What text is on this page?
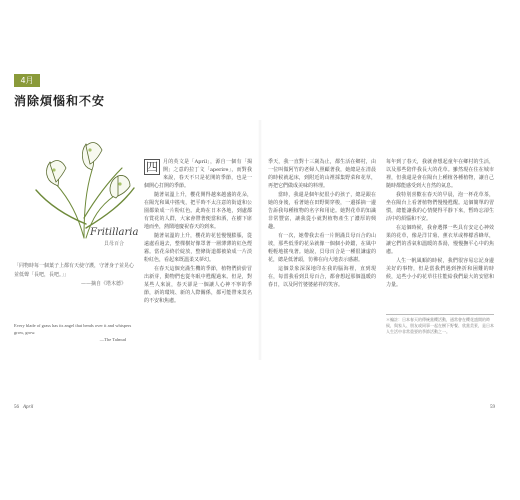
4月
消除煩惱和不安
Fritillaria
貝母百合
「同物時每一個葉子上都有天使守護，守著身子並晃心並低聲「長吧，長吧。」」
——摘自《塔木德》
Every blade of grass has its angel that bends over it and whispers grow, grow.
—The Talmud

四	月的英文是「April」，源自一個有「揭開」之意的拉丁文「aperire」，而對我來說，春天不只是花開的季節，也是一個開心打開的季節。

隨著氣溫上升，櫻花開得越來越盛的花朵，在陽光和風中搖曳，把平時不太注意的街道和公園都染成一片粉紅色。此時在日本各地，到處都有賞花的人群，大家會帶著便當和酒，在樹下席地而坐，熱鬧地慶祝春天的到來。

隨著氣溫的上升，櫻花的花苞慢慢膨脹，從遠處看過去，整棵樹好像罩著一層薄薄的紅色煙霧。當花朵終於綻放，整條街道都被染成一片淡粉紅色，看起來既溫柔又夢幻。

在春天這個充滿生機的季節，植物們紛紛冒出新芽，動物們也從冬眠中甦醒過來。但是，對某些人來說，春天卻是一個讓人心神不寧的季節，新的環境、新的人際關係，都可能帶來莫名的不安和焦慮。

季天，我一直對十三歲為止，都生活在鄉村，由一位叫做阿竹的老婦人照顧著我，她總是在清晨的時候就起床，到附近的山裡採集野菜和花草，再把它們做成美味的料理。

當時，我還是個年紀很小的孩子，總是跟在她的身後，看著她在田野間穿梭，一邊採摘一邊告訴我每種植物的名字和用途。她對花草的知識非常豐富，讓我從小就對植物產生了濃厚的興趣。

有一次，她帶我去看一片開滿貝母百合的山坡，那些低垂的花朵就像一個個小鈴鐺，在風中輕輕地搖曳著。她說，貝母百合是一種很謙虛的花，總是低著頭，彷彿在向大地表示感謝。

這個景象深深地印在我的腦海裡，直到現在，每當我看到貝母百合，都會想起那個溫暖的春日，以及阿竹婆婆慈祥的笑容。

每年到了春天，我就會想起童年在鄉村的生活，以及那些陪伴我長大的花草。雖然現在住在城市裡，但我還是會在陽台上種植各種植物，讓自己隨時都能感受到大自然的氣息。

我特別喜歡在春天的早晨，泡一杯花草茶，坐在陽台上看著植物們慢慢甦醒。這個簡單的習慣，總能讓我的心情變得平靜下來，暫時忘卻生活中的煩惱和不安。

在這個時候，我會選擇一些具有安定心神效果的花草，像是洋甘菊、薰衣草或檸檬香蜂草，讓它們的香氣和溫暖的茶湯，慢慢撫平心中的焦慮。

人生一帆風順的時候，我們很容易忘記身邊美好的事物，但是當我們遇到挫折和困難的時候，這些小小的花草往往能給我們最大的安慰和力量。

＊編註：日本春天的傳統賞櫻活動，通常會在櫻花盛開的時候，與家人、朋友或同事一起在樹下野餐、欣賞美景，是日本人生活中非常重要的季節活動之一。
56 April	59
